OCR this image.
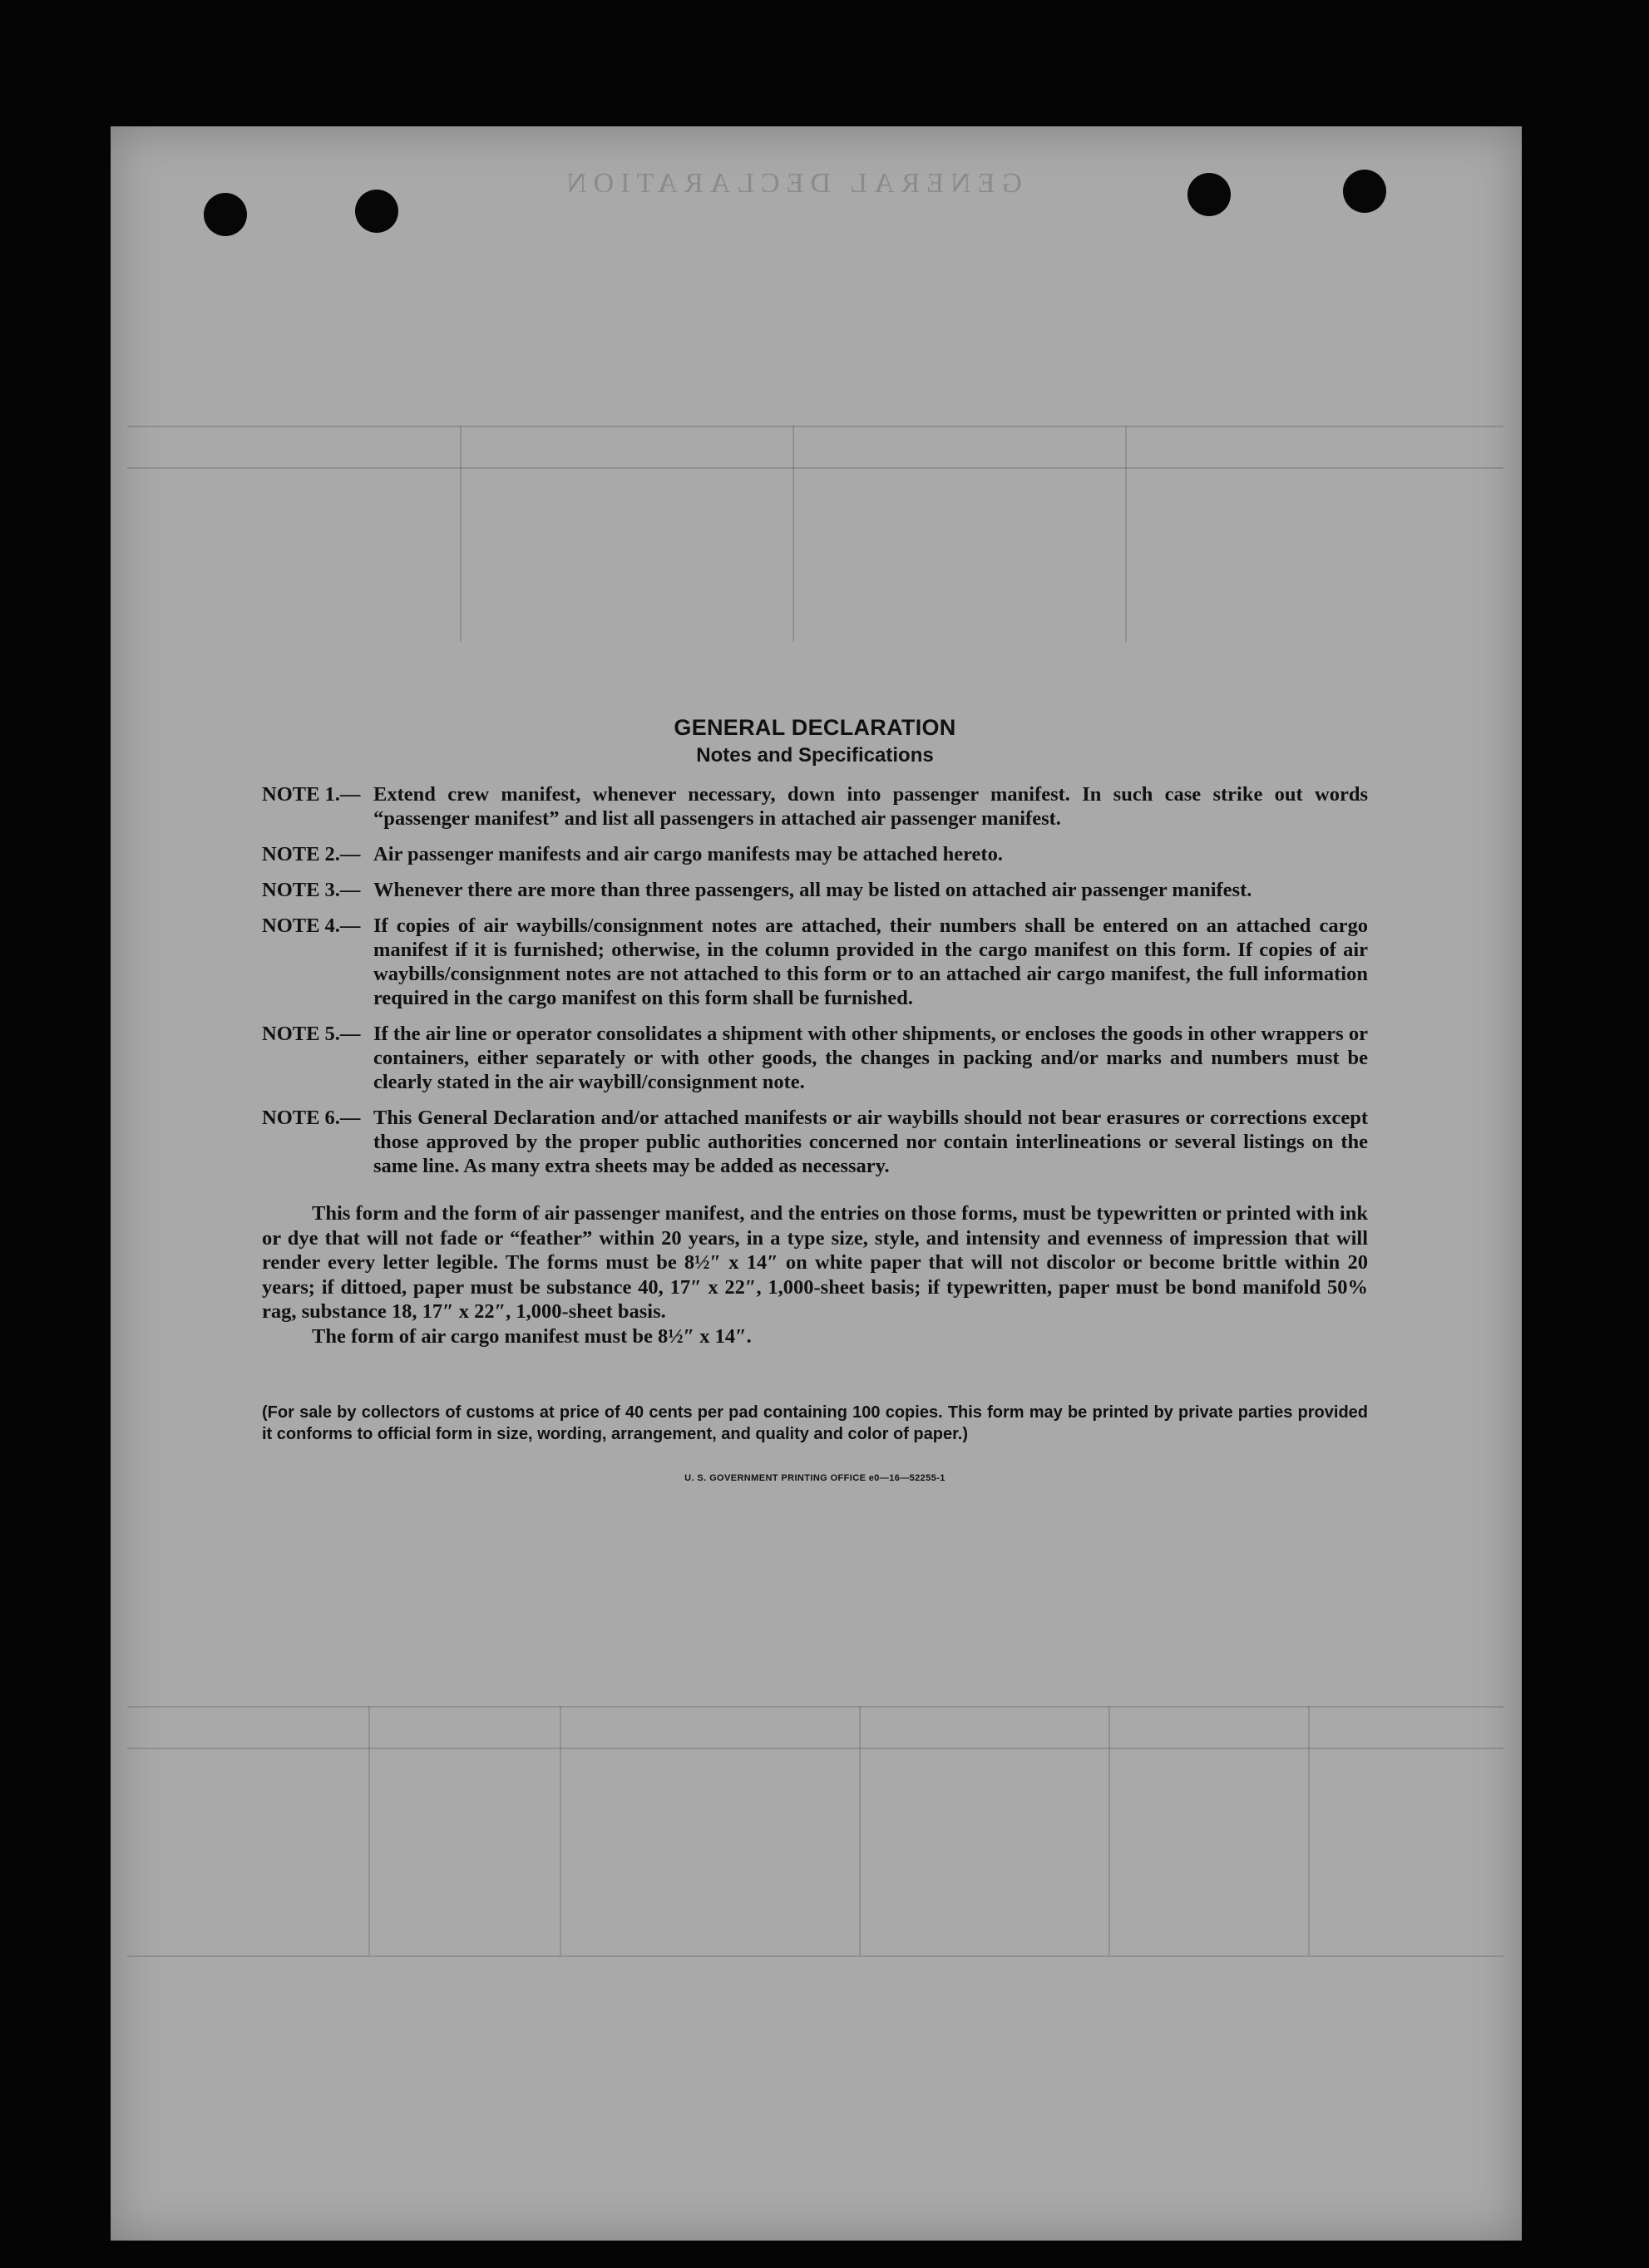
GENERAL DECLARATION
GENERAL DECLARATION
Notes and Specifications
NOTE 1.— Extend crew manifest, whenever necessary, down into passenger manifest. In such case strike out words “passenger manifest” and list all passengers in attached air passenger manifest.
NOTE 2.— Air passenger manifests and air cargo manifests may be attached hereto.
NOTE 3.— Whenever there are more than three passengers, all may be listed on attached air passenger manifest.
NOTE 4.— If copies of air waybills/consignment notes are attached, their numbers shall be entered on an attached cargo manifest if it is furnished; otherwise, in the column provided in the cargo manifest on this form. If copies of air waybills/consignment notes are not attached to this form or to an attached air cargo manifest, the full information required in the cargo manifest on this form shall be furnished.
NOTE 5.— If the air line or operator consolidates a shipment with other shipments, or encloses the goods in other wrappers or containers, either separately or with other goods, the changes in packing and/or marks and numbers must be clearly stated in the air waybill/consignment note.
NOTE 6.— This General Declaration and/or attached manifests or air waybills should not bear erasures or corrections except those approved by the proper public authorities concerned nor contain interlineations or several listings on the same line. As many extra sheets may be added as necessary.
This form and the form of air passenger manifest, and the entries on those forms, must be typewritten or printed with ink or dye that will not fade or “feather” within 20 years, in a type size, style, and intensity and evenness of impression that will render every letter legible. The forms must be 8½″ x 14″ on white paper that will not discolor or become brittle within 20 years; if dittoed, paper must be substance 40, 17″ x 22″, 1,000-sheet basis; if typewritten, paper must be bond manifold 50% rag, substance 18, 17″ x 22″, 1,000-sheet basis.
The form of air cargo manifest must be 8½″ x 14″.
(For sale by collectors of customs at price of 40 cents per pad containing 100 copies. This form may be printed by private parties provided it conforms to official form in size, wording, arrangement, and quality and color of paper.)
U. S. GOVERNMENT PRINTING OFFICE e0—16—52255-1
